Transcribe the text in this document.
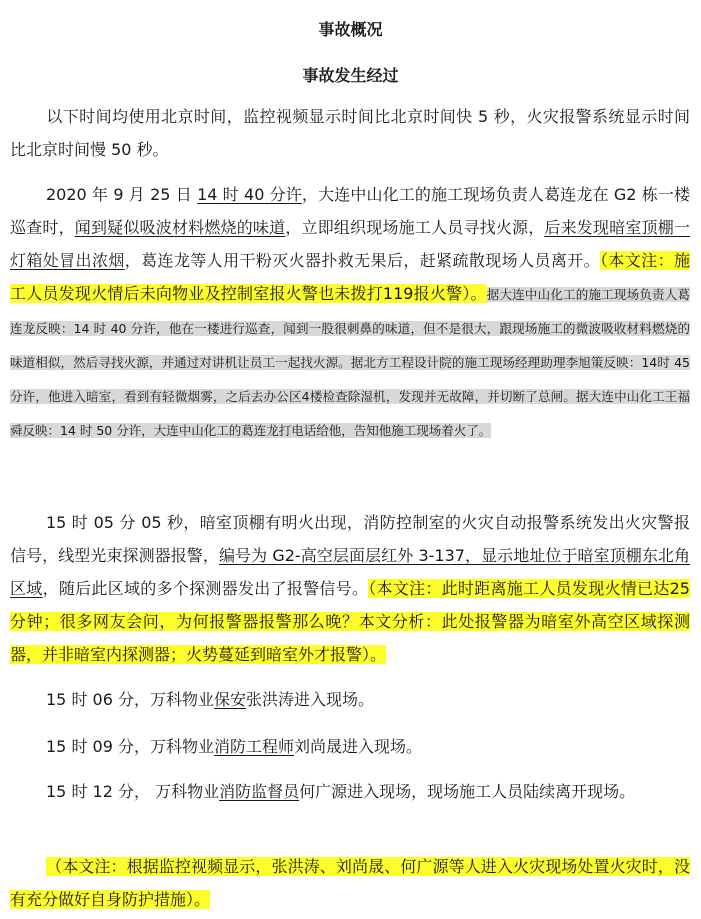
事故概况
事故发生经过
以下时间均使用北京时间，监控视频显示时间比北京时间快 5 秒，火灾报警系统显示时间比北京时间慢 50 秒。
2020 年 9 月 25 日 14 时 40 分许，大连中山化工的施工现场负责人葛连龙在 G2 栋一楼巡查时，闻到疑似吸波材料燃烧的味道，立即组织现场施工人员寻找火源，后来发现暗室顶棚一灯箱处冒出浓烟，葛连龙等人用干粉灭火器扑救无果后，赶紧疏散现场人员离开。（本文注：施工人员发现火情后未向物业及控制室报火警也未拨打119报火警）。据大连中山化工的施工现场负责人葛连龙反映：14 时 40 分许，他在一楼进行巡查，闻到一股很刺鼻的味道，但不是很大，跟现场施工的微波吸收材料燃烧的味道相似，然后寻找火源，并通过对讲机让员工一起找火源。据北方工程设计院的施工现场经理助理李旭策反映：14时 45分许，他进入暗室，看到有轻微烟雾，之后去办公区4楼检查除湿机，发现并无故障，并切断了总闸。据大连中山化工王福舜反映：14 时 50 分许，大连中山化工的葛连龙打电话给他，告知他施工现场着火了。
15 时 05 分 05 秒，暗室顶棚有明火出现，消防控制室的火灾自动报警系统发出火灾警报信号，线型光束探测器报警，编号为 G2-高空层面层红外 3-137，显示地址位于暗室顶棚东北角区域，随后此区域的多个探测器发出了报警信号。（本文注：此时距离施工人员发现火情已达25分钟；很多网友会问，为何报警器报警那么晚？本文分析：此处报警器为暗室外高空区域探测器，并非暗室内探测器；火势蔓延到暗室外才报警）。
15 时 06 分，万科物业保安张洪涛进入现场。
15 时 09 分，万科物业消防工程师刘尚晟进入现场。
15 时 12 分， 万科物业消防监督员何广源进入现场，现场施工人员陆续离开现场。
（本文注：根据监控视频显示，张洪涛、刘尚晟、何广源等人进入火灾现场处置火灾时，没有充分做好自身防护措施）。
